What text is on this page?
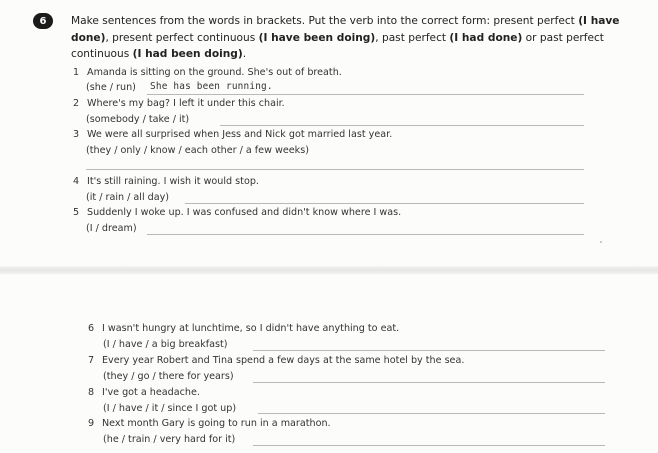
6	Make sentences from the words in brackets. Put the verb into the correct form: present perfect (I have done), present perfect continuous (I have been doing), past perfect (I had done) or past perfect continuous (I had been doing).
1 Amanda is sitting on the ground. She's out of breath.
(she / run) She has been running.
2 Where's my bag? I left it under this chair.
(somebody / take / it)
3 We were all surprised when Jess and Nick got married last year.
(they / only / know / each other / a few weeks)
4 It's still raining. I wish it would stop.
(it / rain / all day)
5 Suddenly I woke up. I was confused and didn't know where I was.
(I / dream)
6 I wasn't hungry at lunchtime, so I didn't have anything to eat.
(I / have / a big breakfast)
7 Every year Robert and Tina spend a few days at the same hotel by the sea.
(they / go / there for years)
8 I've got a headache.
(I / have / it / since I got up)
9 Next month Gary is going to run in a marathon.
(he / train / very hard for it)
